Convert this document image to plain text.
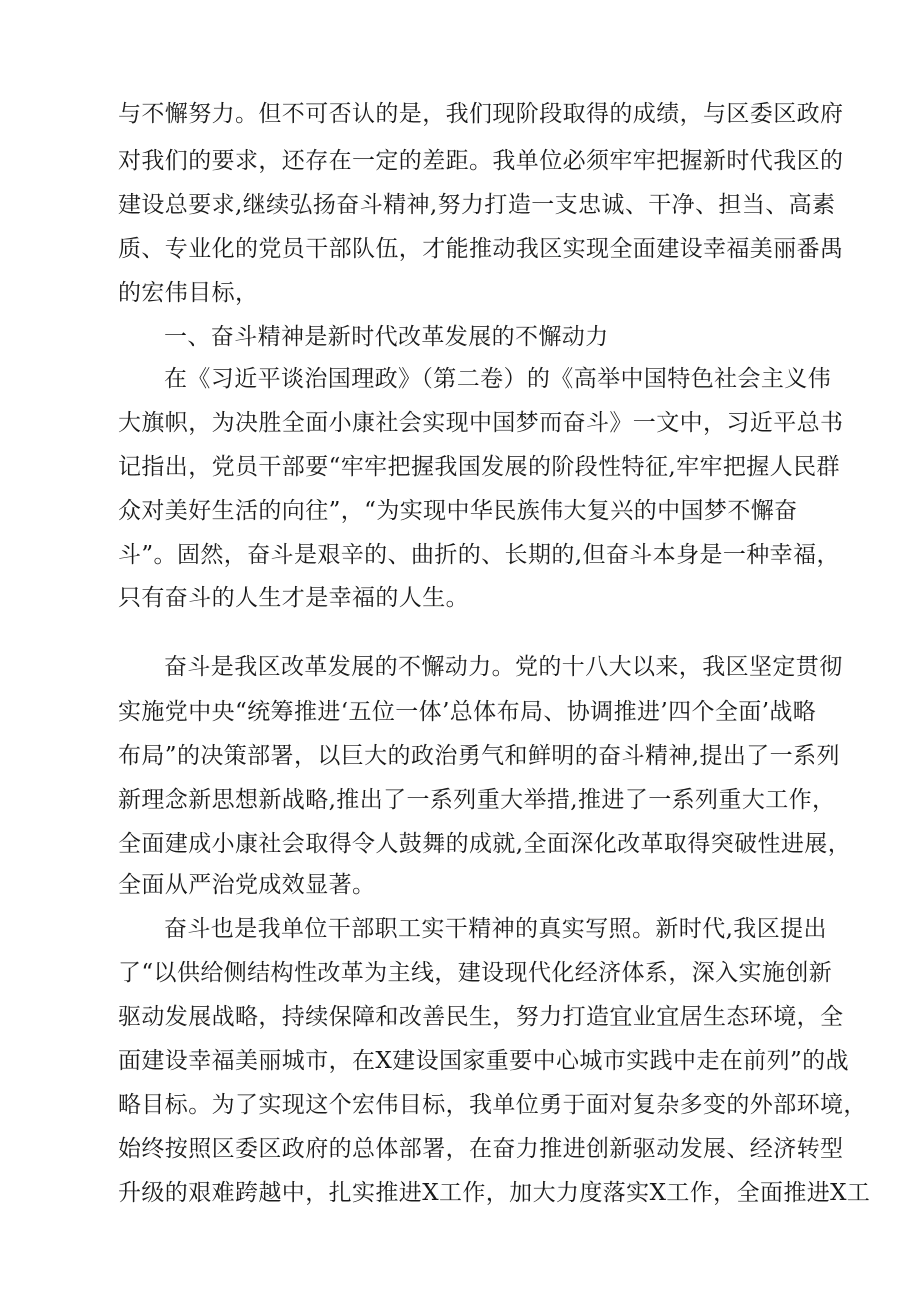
与不懈努力。但不可否认的是，我们现阶段取得的成绩，与区委区政府
对我们的要求，还存在一定的差距。我单位必须牢牢把握新时代我区的
建设总要求,继续弘扬奋斗精神,努力打造一支忠诚、干净、担当、高素
质、专业化的党员干部队伍，才能推动我区实现全面建设幸福美丽番禺
的宏伟目标，
一、奋斗精神是新时代改革发展的不懈动力
在《习近平谈治国理政》（第二卷）的《高举中国特色社会主义伟
大旗帜，为决胜全面小康社会实现中国梦而奋斗》一文中，习近平总书
记指出，党员干部要“牢牢把握我国发展的阶段性特征,牢牢把握人民群
众对美好生活的向往”，“为实现中华民族伟大复兴的中国梦不懈奋
斗”。固然，奋斗是艰辛的、曲折的、长期的,但奋斗本身是一种幸福，
只有奋斗的人生才是幸福的人生。
奋斗是我区改革发展的不懈动力。党的十八大以来，我区坚定贯彻
实施党中央“统筹推进‘五位一体’总体布局、协调推进’四个全面’战略
布局”的决策部署，以巨大的政治勇气和鲜明的奋斗精神,提出了一系列
新理念新思想新战略,推出了一系列重大举措,推进了一系列重大工作，
全面建成小康社会取得令人鼓舞的成就,全面深化改革取得突破性进展，
全面从严治党成效显著。
奋斗也是我单位干部职工实干精神的真实写照。新时代,我区提出
了“以供给侧结构性改革为主线，建设现代化经济体系，深入实施创新
驱动发展战略，持续保障和改善民生，努力打造宜业宜居生态环境，全
面建设幸福美丽城市，在X建设国家重要中心城市实践中走在前列”的战
略目标。为了实现这个宏伟目标，我单位勇于面对复杂多变的外部环境，
始终按照区委区政府的总体部署，在奋力推进创新驱动发展、经济转型
升级的艰难跨越中，扎实推进X工作，加大力度落实X工作，全面推进X工
